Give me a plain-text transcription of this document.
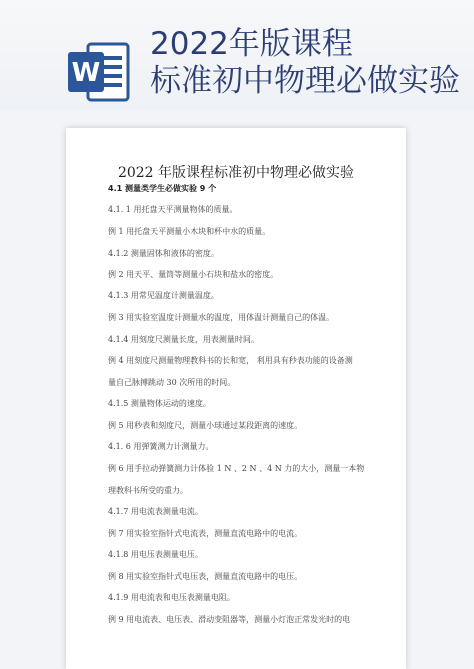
W
2022年版课程
标准初中物理必做实验
2022 年版课程标准初中物理必做实验
4.1 测量类学生必做实验 9 个
4.1. 1 用托盘天平测量物体的质量。
例 1 用托盘天平测量小木块和杯中水的质量。
4.1.2 测量固体和液体的密度。
例 2 用天平、量筒等测量小石块和盐水的密度。
4.1.3 用常见温度计测量温度。
例 3 用实验室温度计测量水的温度，用体温计测量自己的体温。
4.1.4 用刻度尺测量长度，用表测量时间。
例 4 用刻度尺测量物理教科书的长和宽， 利用具有秒表功能的设备测
量自己脉搏跳动 30 次所用的时间。
4.1.5 测量物体运动的速度。
例 5 用秒表和刻度尺，测量小球通过某段距离的速度。
4.1. 6 用弹簧测力计测量力。
例 6 用手拉动弹簧测力计体验 1 N 、2 N 、4 N 力的大小，测量一本物
理教科书所受的重力。
4.1.7 用电流表测量电流。
例 7 用实验室指针式电流表，测量直流电路中的电流。
4.1.8 用电压表测量电压。
例 8 用实验室指针式电压表，测量直流电路中的电压。
4.1.9 用电流表和电压表测量电阻。
例 9 用电流表、电压表、滑动变阻器等，测量小灯泡正常发光时的电
